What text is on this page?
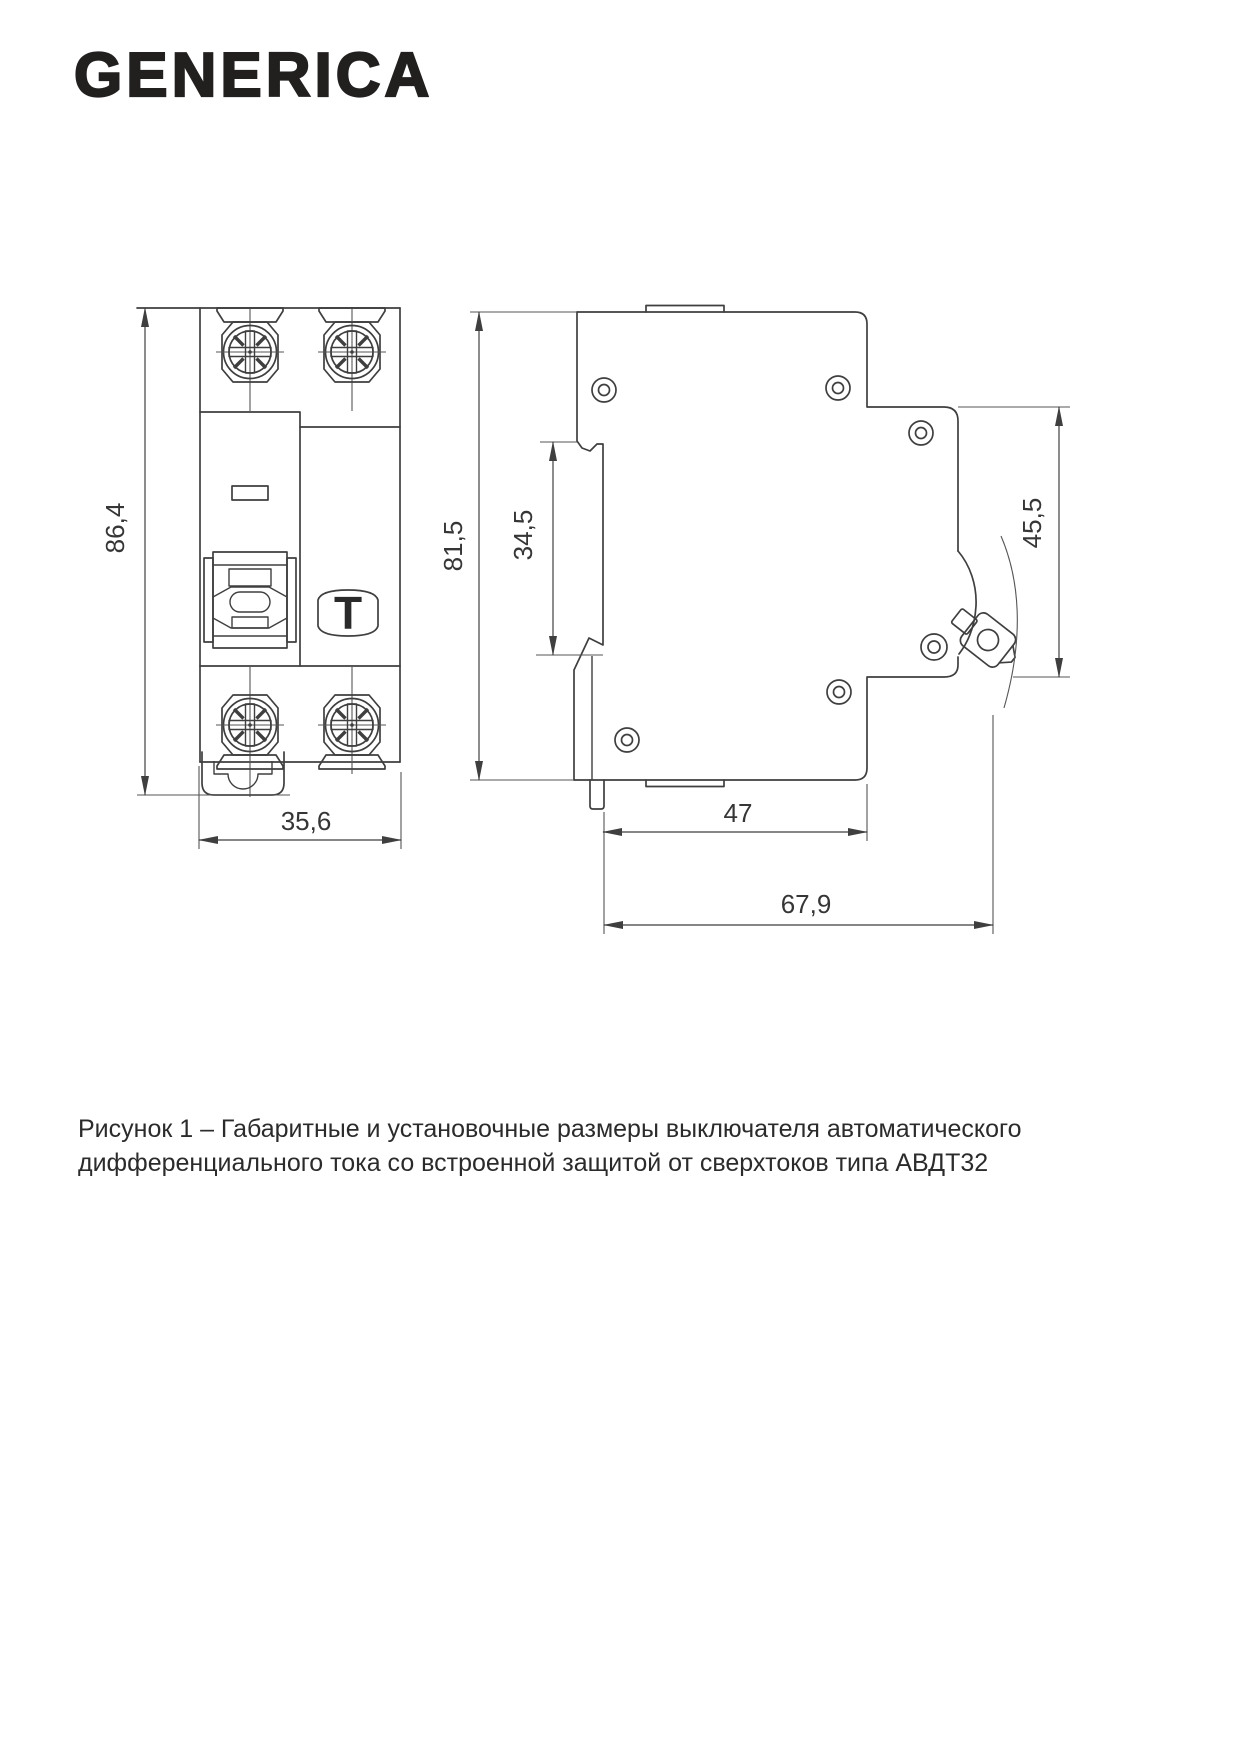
GENERICA
T
86,4
35,6
81,5 34,5	45,5
47
67,9
Рисунок 1 – Габаритные и установочные размеры выключателя автоматического
дифференциального тока со встроенной защитой от сверхтоков типа АВДТ32
